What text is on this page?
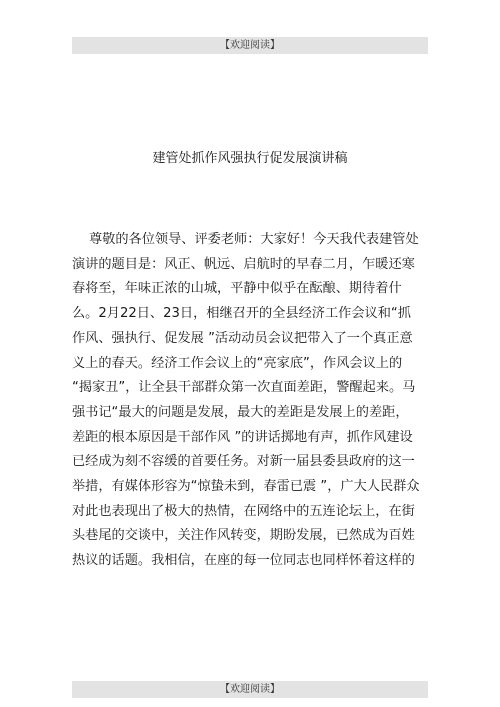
【欢迎阅读】
建管处抓作风强执行促发展演讲稿
尊敬的各位领导、评委老师：大家好！今天我代表建管处
演讲的题目是：风正、帆远、启航时的早春二月，乍暖还寒
春将至，年味正浓的山城，平静中似乎在酝酿、期待着什
么。2月22日、23日，相继召开的全县经济工作会议和“抓
作风、强执行、促发展 ”活动动员会议把带入了一个真正意
义上的春天。经济工作会议上的“亮家底”，作风会议上的
“揭家丑”，让全县干部群众第一次直面差距，警醒起来。马
强书记“最大的问题是发展，最大的差距是发展上的差距，
差距的根本原因是干部作风 ”的讲话掷地有声，抓作风建设
已经成为刻不容缓的首要任务。对新一届县委县政府的这一
举措，有媒体形容为“惊蛰未到，春雷已震 ”，广大人民群众
对此也表现出了极大的热情，在网络中的五连论坛上，在街
头巷尾的交谈中，关注作风转变，期盼发展，已然成为百姓
热议的话题。我相信，在座的每一位同志也同样怀着这样的
【欢迎阅读】
